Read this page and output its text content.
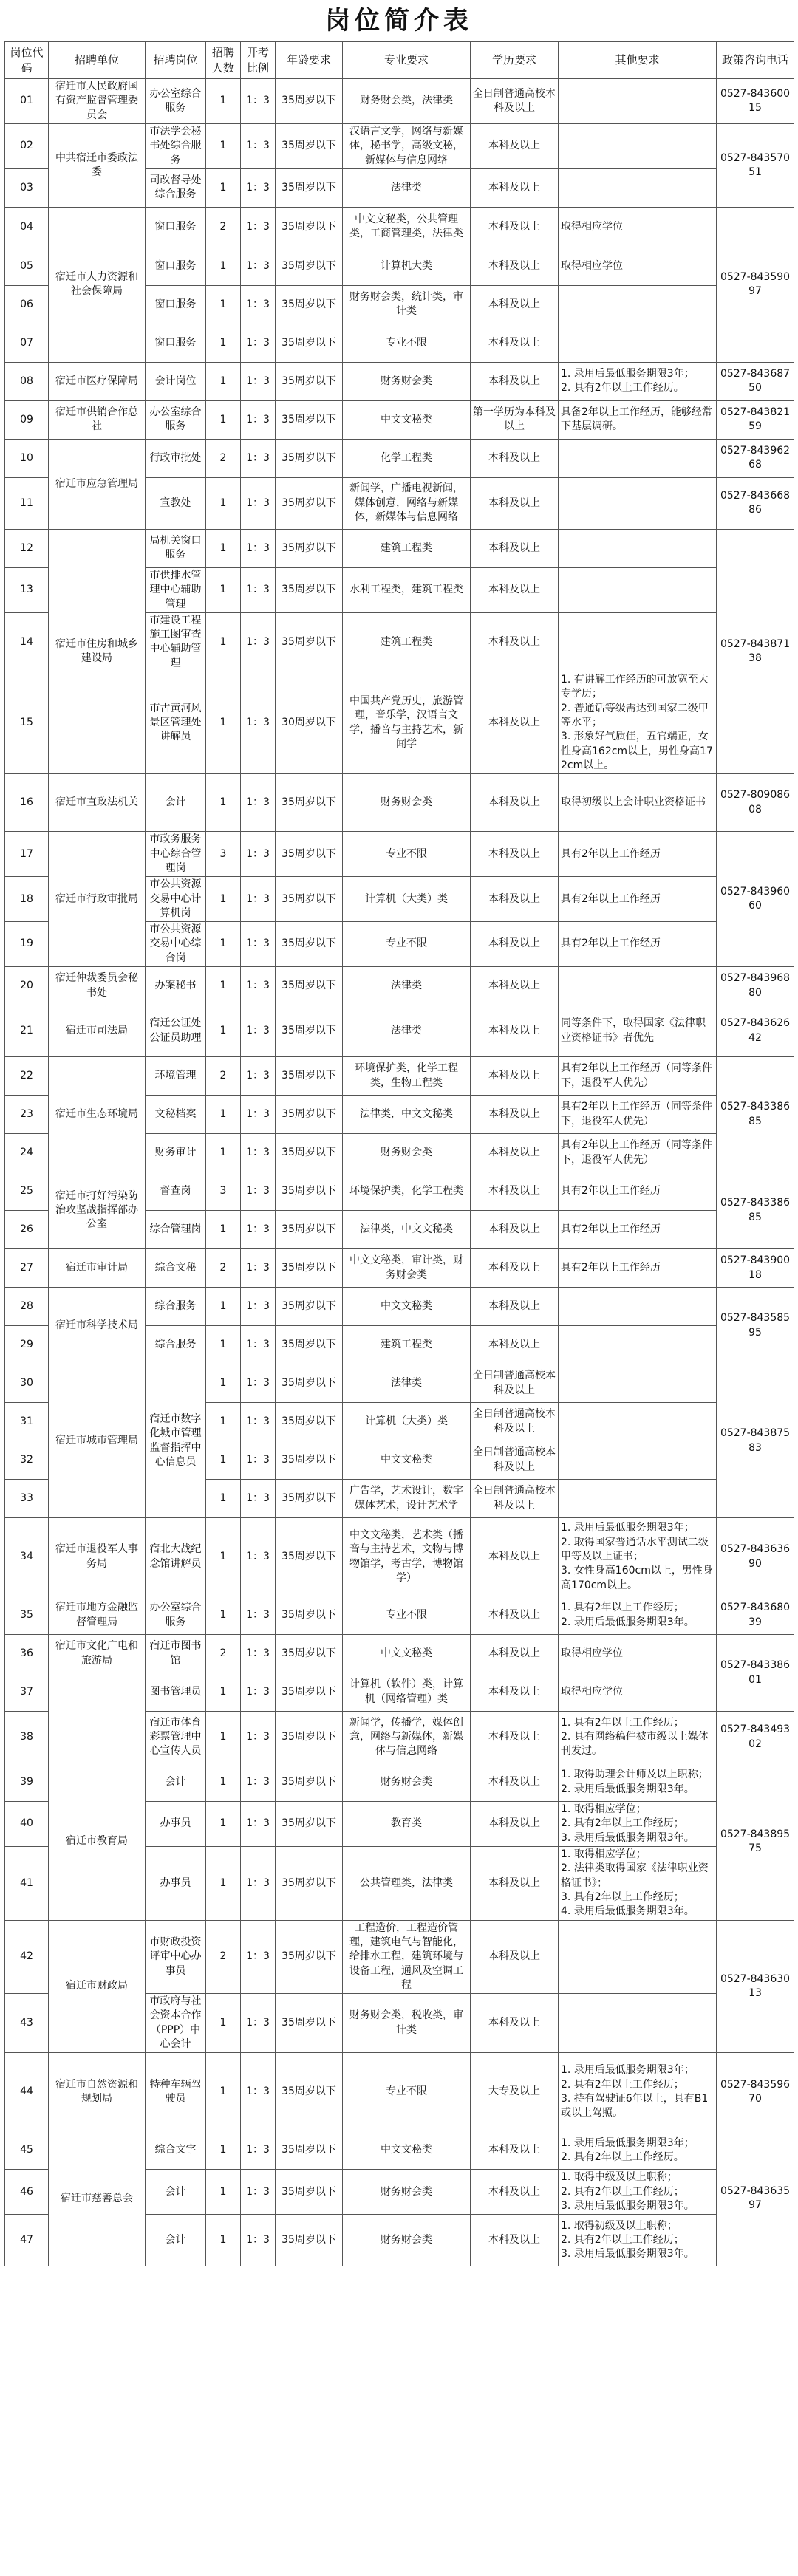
岗位简介表
岗位代码	招聘单位	招聘岗位	招聘人数	开考比例	年龄要求	专业要求	学历要求	其他要求	政策咨询电话
01	宿迁市人民政府国有资产监督管理委员会	办公室综合服务	1	1：3	35周岁以下	财务财会类，法律类	全日制普通高校本科及以上		0527-84360015
02	中共宿迁市委政法委	市法学会秘书处综合服务	1	1：3	35周岁以下	汉语言文学，网络与新媒体，秘书学，高级文秘，新媒体与信息网络	本科及以上		0527-84357051
03		司改督导处综合服务	1	1：3	35周岁以下	法律类	本科及以上		
04	宿迁市人力资源和社会保障局	窗口服务	2	1：3	35周岁以下	中文文秘类，公共管理类，工商管理类，法律类	本科及以上	取得相应学位	0527-84359097
05		窗口服务	1	1：3	35周岁以下	计算机大类	本科及以上	取得相应学位	
06		窗口服务	1	1：3	35周岁以下	财务财会类，统计类，审计类	本科及以上		
07		窗口服务	1	1：3	35周岁以下	专业不限	本科及以上		
08	宿迁市医疗保障局	会计岗位	1	1：3	35周岁以下	财务财会类	本科及以上	1. 录用后最低服务期限3年；
2. 具有2年以上工作经历。	0527-84368750
09	宿迁市供销合作总社	办公室综合服务	1	1：3	35周岁以下	中文文秘类	第一学历为本科及以上	具备2年以上工作经历，能够经常下基层调研。	0527-84382159
10	宿迁市应急管理局	行政审批处	2	1：3	35周岁以下	化学工程类	本科及以上		0527-84396268
11		宣教处	1	1：3	35周岁以下	新闻学，广播电视新闻，媒体创意，网络与新媒体，新媒体与信息网络	本科及以上		0527-84366886
12	宿迁市住房和城乡建设局	局机关窗口服务	1	1：3	35周岁以下	建筑工程类	本科及以上		0527-84387138
13		市供排水管理中心辅助管理	1	1：3	35周岁以下	水利工程类，建筑工程类	本科及以上		
14		市建设工程施工图审查中心辅助管理	1	1：3	35周岁以下	建筑工程类	本科及以上		
15		市古黄河风景区管理处讲解员	1	1：3	30周岁以下	中国共产党历史，旅游管理，音乐学，汉语言文学，播音与主持艺术，新闻学	本科及以上	1. 有讲解工作经历的可放宽至大专学历；
2. 普通话等级需达到国家二级甲等水平；
3. 形象好气质佳，五官端正，女性身高162cm以上，男性身高172cm以上。	
16	宿迁市直政法机关	会计	1	1：3	35周岁以下	财务财会类	本科及以上	取得初级以上会计职业资格证书	0527-80908608
17	宿迁市行政审批局	市政务服务中心综合管理岗	3	1：3	35周岁以下	专业不限	本科及以上	具有2年以上工作经历	0527-84396060
18		市公共资源交易中心计算机岗	1	1：3	35周岁以下	计算机（大类）类	本科及以上	具有2年以上工作经历	
19		市公共资源交易中心综合岗	1	1：3	35周岁以下	专业不限	本科及以上	具有2年以上工作经历	
20	宿迁仲裁委员会秘书处	办案秘书	1	1：3	35周岁以下	法律类	本科及以上		0527-84396880
21	宿迁市司法局	宿迁公证处公证员助理	1	1：3	35周岁以下	法律类	本科及以上	同等条件下，取得国家《法律职业资格证书》者优先	0527-84362642
22	宿迁市生态环境局	环境管理	2	1：3	35周岁以下	环境保护类，化学工程类，生物工程类	本科及以上	具有2年以上工作经历（同等条件下，退役军人优先）	0527-84338685
23		文秘档案	1	1：3	35周岁以下	法律类，中文文秘类	本科及以上	具有2年以上工作经历（同等条件下，退役军人优先）	
24		财务审计	1	1：3	35周岁以下	财务财会类	本科及以上	具有2年以上工作经历（同等条件下，退役军人优先）	
25	宿迁市打好污染防治攻坚战指挥部办公室	督查岗	3	1：3	35周岁以下	环境保护类，化学工程类	本科及以上	具有2年以上工作经历	0527-84338685
26		综合管理岗	1	1：3	35周岁以下	法律类，中文文秘类	本科及以上	具有2年以上工作经历	
27	宿迁市审计局	综合文秘	2	1：3	35周岁以下	中文文秘类，审计类，财务财会类	本科及以上	具有2年以上工作经历	0527-84390018
28	宿迁市科学技术局	综合服务	1	1：3	35周岁以下	中文文秘类	本科及以上		0527-84358595
29		综合服务	1	1：3	35周岁以下	建筑工程类	本科及以上		
30	宿迁市城市管理局	宿迁市数字化城市管理监督指挥中心信息员	1	1：3	35周岁以下	法律类	全日制普通高校本科及以上		0527-84387583
31			1	1：3	35周岁以下	计算机（大类）类	全日制普通高校本科及以上		
32			1	1：3	35周岁以下	中文文秘类	全日制普通高校本科及以上		
33			1	1：3	35周岁以下	广告学，艺术设计，数字媒体艺术，设计艺术学	全日制普通高校本科及以上		
34	宿迁市退役军人事务局	宿北大战纪念馆讲解员	1	1：3	35周岁以下	中文文秘类，艺术类（播音与主持艺术，文物与博物馆学，考古学，博物馆学）	本科及以上	1. 录用后最低服务期限3年；
2. 取得国家普通话水平测试二级甲等及以上证书；
3. 女性身高160cm以上，男性身高170cm以上。	0527-84363690
35	宿迁市地方金融监督管理局	办公室综合服务	1	1：3	35周岁以下	专业不限	本科及以上	1. 具有2年以上工作经历；
2. 录用后最低服务期限3年。	0527-84368039
36	宿迁市文化广电和旅游局	宿迁市图书馆	2	1：3	35周岁以下	中文文秘类	本科及以上	取得相应学位	0527-84338601
37		图书管理员	1	1：3	35周岁以下	计算机（软件）类，计算机（网络管理）类	本科及以上	取得相应学位	
38		宿迁市体育彩票管理中心宣传人员	1	1：3	35周岁以下	新闻学，传播学，媒体创意，网络与新媒体，新媒体与信息网络	本科及以上	1. 具有2年以上工作经历；
2. 具有网络稿件被市级以上媒体刊发过。	0527-84349302
39	宿迁市教育局	会计	1	1：3	35周岁以下	财务财会类	本科及以上	1. 取得助理会计师及以上职称；
2. 录用后最低服务期限3年。	0527-84389575
40		办事员	1	1：3	35周岁以下	教育类	本科及以上	1. 取得相应学位；
2. 具有2年以上工作经历；
3. 录用后最低服务期限3年。	
41		办事员	1	1：3	35周岁以下	公共管理类，法律类	本科及以上	1. 取得相应学位；
2. 法律类取得国家《法律职业资格证书》；
3. 具有2年以上工作经历；
4. 录用后最低服务期限3年。	
42	宿迁市财政局	市财政投资评审中心办事员	2	1：3	35周岁以下	工程造价，工程造价管理，建筑电气与智能化，给排水工程，建筑环境与设备工程，通风及空调工程	本科及以上		0527-84363013
43		市政府与社会资本合作（PPP）中心会计	1	1：3	35周岁以下	财务财会类，税收类，审计类	本科及以上		
44	宿迁市自然资源和规划局	特种车辆驾驶员	1	1：3	35周岁以下	专业不限	大专及以上	1. 录用后最低服务期限3年；
2. 具有2年以上工作经历；
3. 持有驾驶证6年以上，具有B1或以上驾照。	0527-84359670
45	宿迁市慈善总会	综合文字	1	1：3	35周岁以下	中文文秘类	本科及以上	1. 录用后最低服务期限3年；
2. 具有2年以上工作经历。	0527-84363597
46		会计	1	1：3	35周岁以下	财务财会类	本科及以上	1. 取得中级及以上职称；
2. 具有2年以上工作经历；
3. 录用后最低服务期限3年。	
47		会计	1	1：3	35周岁以下	财务财会类	本科及以上	1. 取得初级及以上职称；
2. 具有2年以上工作经历；
3. 录用后最低服务期限3年。	
